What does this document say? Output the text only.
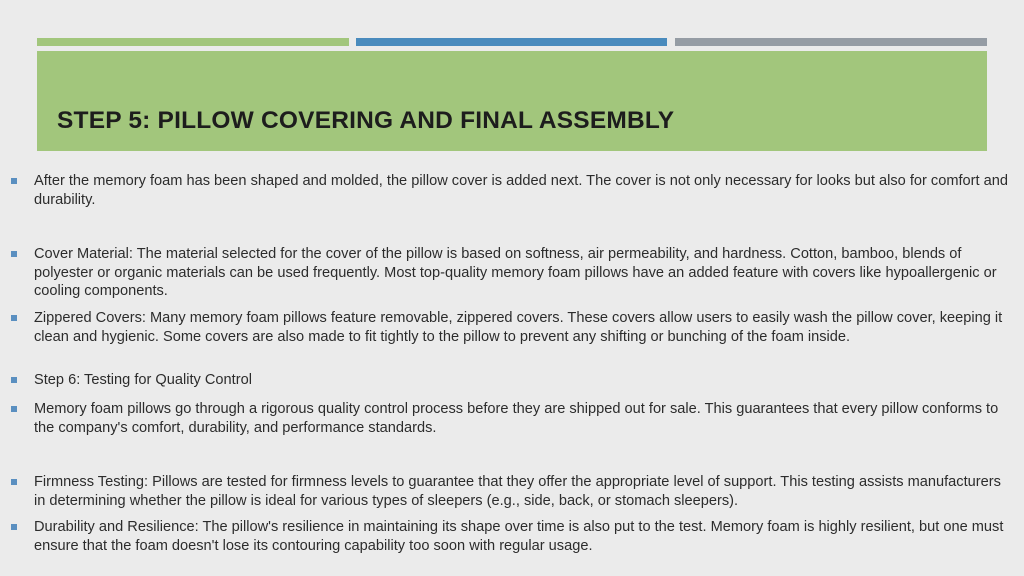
STEP 5: PILLOW COVERING AND FINAL ASSEMBLY
After the memory foam has been shaped and molded, the pillow cover is added next. The cover is not only necessary for looks but also for comfort and durability.
Cover Material: The material selected for the cover of the pillow is based on softness, air permeability, and hardness. Cotton, bamboo, blends of polyester or organic materials can be used frequently. Most top-quality memory foam pillows have an added feature with covers like hypoallergenic or cooling components.
Zippered Covers: Many memory foam pillows feature removable, zippered covers. These covers allow users to easily wash the pillow cover, keeping it clean and hygienic. Some covers are also made to fit tightly to the pillow to prevent any shifting or bunching of the foam inside.
Step 6: Testing for Quality Control
Memory foam pillows go through a rigorous quality control process before they are shipped out for sale. This guarantees that every pillow conforms to the company's comfort, durability, and performance standards.
Firmness Testing: Pillows are tested for firmness levels to guarantee that they offer the appropriate level of support. This testing assists manufacturers in determining whether the pillow is ideal for various types of sleepers (e.g., side, back, or stomach sleepers).
Durability and Resilience: The pillow's resilience in maintaining its shape over time is also put to the test. Memory foam is highly resilient, but one must ensure that the foam doesn't lose its contouring capability too soon with regular usage.
